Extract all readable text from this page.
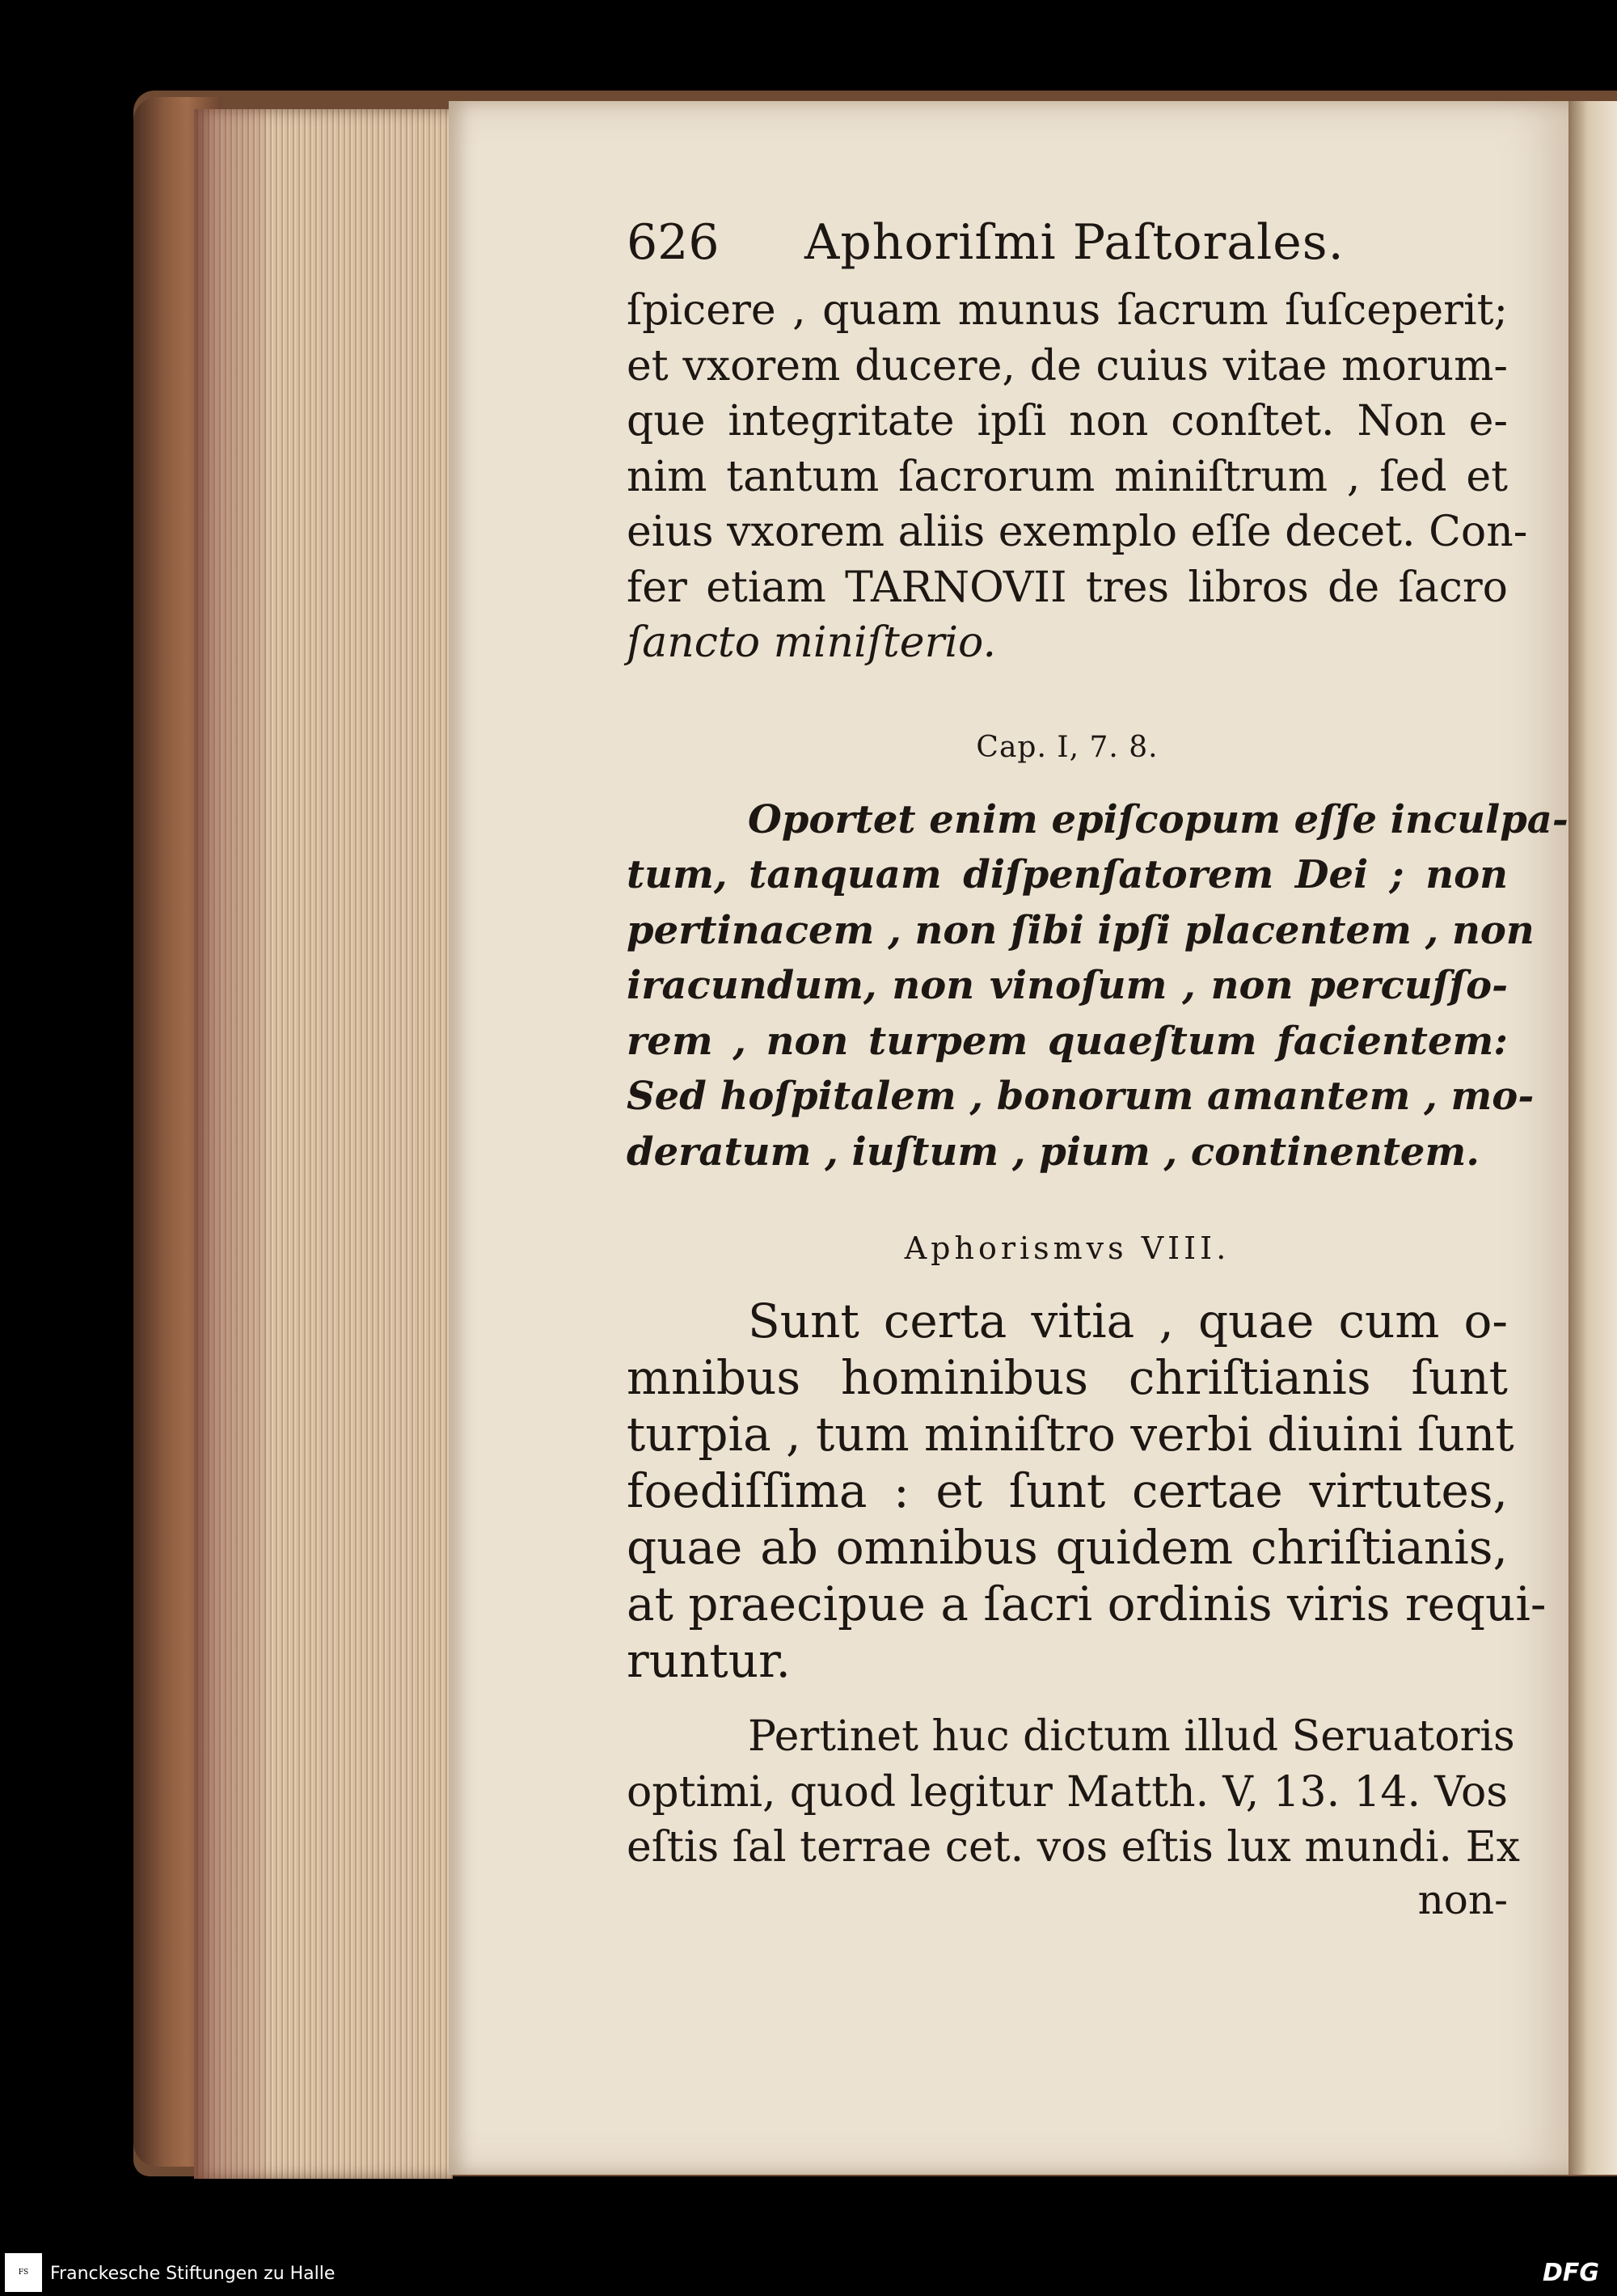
626 Aphoriſmi Paſtorales.
ſpicere , quam munus ſacrum ſuſceperit;
et vxorem ducere, de cuius vitae morum-
que integritate ipſi non conſtet. Non e-
nim tantum ſacrorum miniſtrum , ſed et
eius vxorem aliis exemplo eſſe decet. Con-
fer etiam TARNOVII tres libros de ſacro
ſancto miniſterio.
Cap. I, 7. 8.
Oportet enim epiſcopum eſſe inculpa-
tum, tanquam diſpenſatorem Dei ; non
pertinacem , non ſibi ipſi placentem , non
iracundum, non vinoſum , non percuſſo-
rem , non turpem quaeſtum facientem:
Sed hoſpitalem , bonorum amantem , mo-
deratum , iuſtum , pium , continentem.
Aphorismvs VIII.
Sunt certa vitia , quae cum o-
mnibus hominibus chriſtianis ſunt
turpia , tum miniſtro verbi diuini ſunt
foediſſima : et ſunt certae virtutes,
quae ab omnibus quidem chriſtianis,
at praecipue a ſacri ordinis viris requi-
runtur.
Pertinet huc dictum illud Seruatoris
optimi, quod legitur Matth. V, 13. 14. Vos
eſtis ſal terrae cet. vos eſtis lux mundi. Ex
non-
FS	Franckesche Stiftungen zu Halle	DFG
